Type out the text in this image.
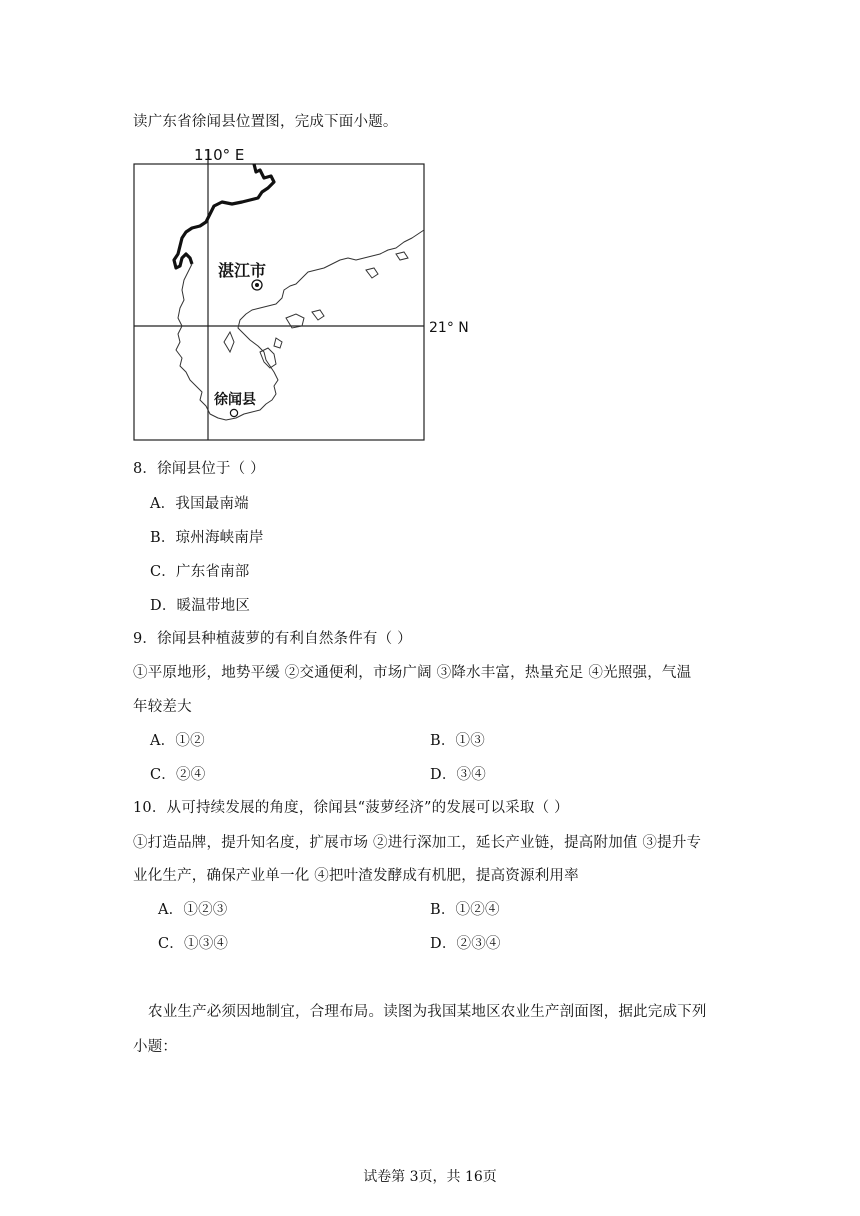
读广东省徐闻县位置图，完成下面小题。
110° E
21° N
湛江市
徐闻县
8．徐闻县位于（ ）
A．我国最南端
B．琼州海峡南岸
C．广东省南部
D．暖温带地区
9．徐闻县种植菠萝的有利自然条件有（ ）
①平原地形，地势平缓 ②交通便利，市场广阔 ③降水丰富，热量充足 ④光照强，气温
年较差大
A．①②	B．①③
C．②④	D．③④
10．从可持续发展的角度，徐闻县“菠萝经济”的发展可以采取（ ）
①打造品牌，提升知名度，扩展市场 ②进行深加工，延长产业链，提高附加值 ③提升专
业化生产，确保产业单一化 ④把叶渣发酵成有机肥，提高资源利用率
A．①②③	B．①②④
C．①③④	D．②③④
农业生产必须因地制宜，合理布局。读图为我国某地区农业生产剖面图，据此完成下列
小题：
试卷第 3页，共 16页
